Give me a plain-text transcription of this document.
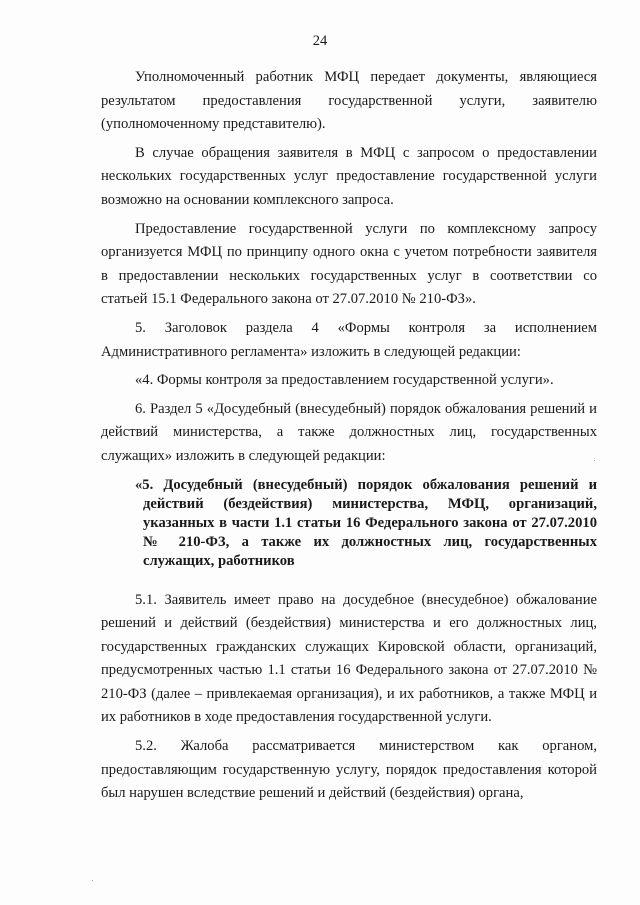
24

Уполномоченный работник МФЦ передает документы, являющиеся результатом предоставления государственной услуги, заявителю (уполномоченному представителю).

В случае обращения заявителя в МФЦ с запросом о предоставлении нескольких государственных услуг предоставление государственной услуги возможно на основании комплексного запроса.

Предоставление государственной услуги по комплексному запросу организуется МФЦ по принципу одного окна с учетом потребности заявителя в предоставлении нескольких государственных услуг в соответствии со статьей 15.1 Федерального закона от 27.07.2010 № 210-ФЗ».

5. Заголовок раздела 4 «Формы контроля за исполнением Административного регламента» изложить в следующей редакции:

«4. Формы контроля за предоставлением государственной услуги».

6. Раздел 5 «Досудебный (внесудебный) порядок обжалования решений и действий министерства, а также должностных лиц, государственных служащих» изложить в следующей редакции:

«5. Досудебный (внесудебный) порядок обжалования решений и действий (бездействия) министерства, МФЦ, организаций, указанных в части 1.1 статьи 16 Федерального закона от 27.07.2010 № 210-ФЗ, а также их должностных лиц, государственных служащих, работников

5.1. Заявитель имеет право на досудебное (внесудебное) обжалование решений и действий (бездействия) министерства и его должностных лиц, государственных гражданских служащих Кировской области, организаций, предусмотренных частью 1.1 статьи 16 Федерального закона от 27.07.2010 № 210-ФЗ (далее – привлекаемая организация), и их работников, а также МФЦ и их работников в ходе предоставления государственной услуги.

5.2. Жалоба рассматривается министерством как органом, предоставляющим государственную услугу, порядок предоставления которой был нарушен вследствие решений и действий (бездействия) органа,
